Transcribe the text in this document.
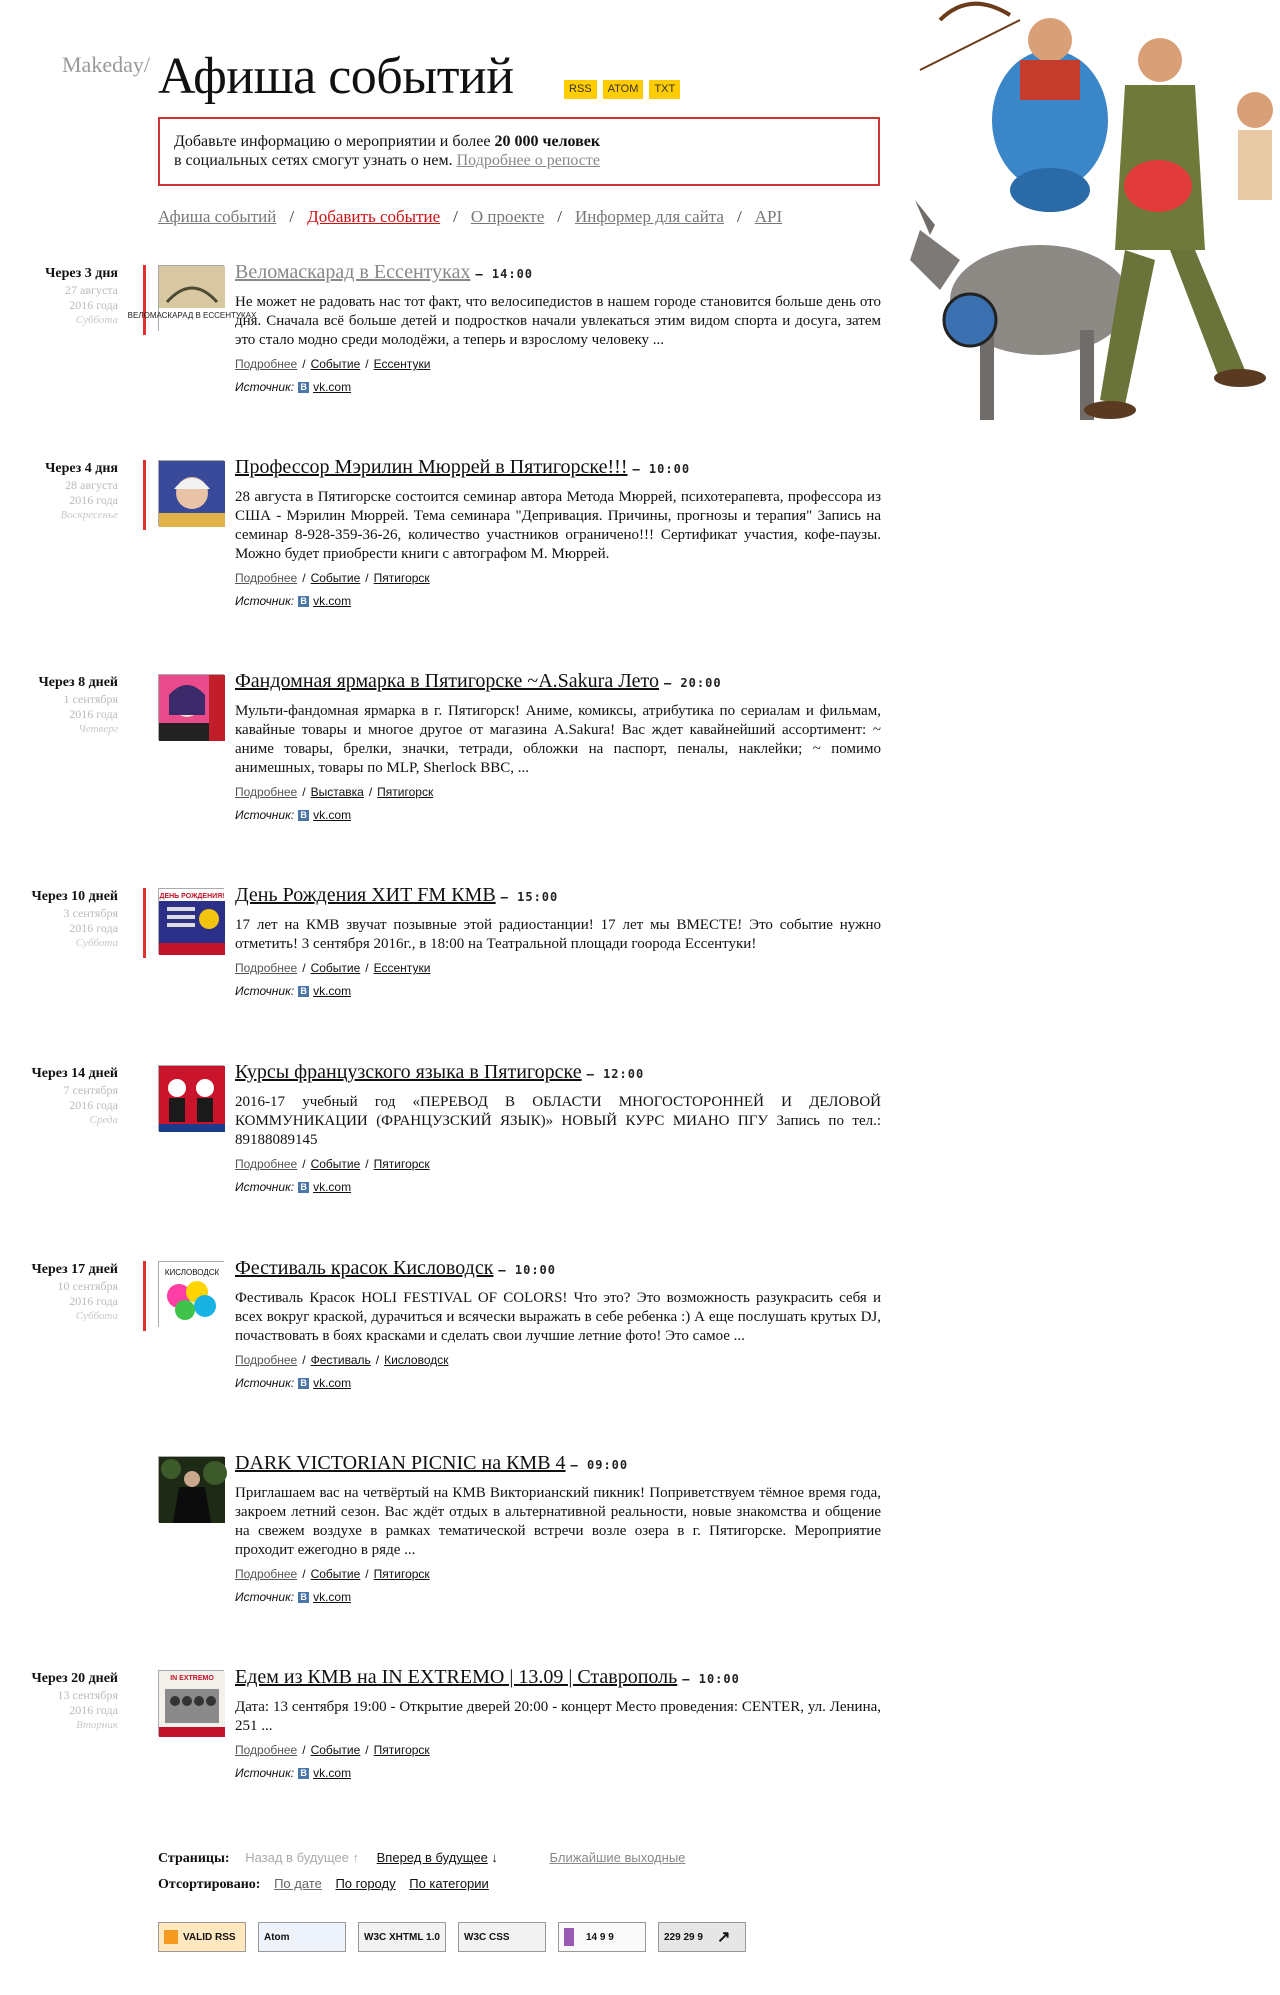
Makeday/ Афиша событий	RSS	ATOM	TXT
Добавьте информацию о мероприятии и более 20 000 человек
в социальных сетях смогут узнать о нем. Подробнее о репосте
Афиша событий / Добавить событие / О проекте / Информер для сайта / API
Через 3 дня
27 августа
2016 года
Суббота ВЕЛОМАСКАРАД В ЕССЕНТУКАХ
Веломаскарад в Ессентуках — 14:00
Не может не радовать нас тот факт, что велосипедистов в нашем городе становится больше день ото дня. Сначала всё больше детей и подростков начали увлекаться этим видом спорта и досуга, затем это стало модно среди молодёжи, а теперь и взрослому человеку ...
Подробнее / Событие / Ессентуки
Источник: В vk.com
Через 4 дня
28 августа
2016 года
Воскресенье
Профессор Мэрилин Мюррей в Пятигорске!!! — 10:00
28 августа в Пятигорске состоится семинар автора Метода Мюррей, психотерапевта, профессора из США - Мэрилин Мюррей. Тема семинара "Депривация. Причины, прогнозы и терапия" Запись на семинар 8-928-359-36-26, количество участников ограничено!!! Сертификат участия, кофе-паузы. Можно будет приобрести книги с автографом М. Мюррей.
Подробнее / Событие / Пятигорск
Источник: В vk.com
Через 8 дней
1 сентября
2016 года
Четверг
Фандомная ярмарка в Пятигорске ~A.Sakura Лето — 20:00
Мульти-фандомная ярмарка в г. Пятигорск! Аниме, комиксы, атрибутика по сериалам и фильмам, кавайные товары и многое другое от магазина A.Sakura! Вас ждет кавайнейший ассортимент: ~ аниме товары, брелки, значки, тетради, обложки на паспорт, пеналы, наклейки; ~ помимо анимешных, товары по MLP, Sherlock BBC, ...
Подробнее / Выставка / Пятигорск
Источник: В vk.com
Через 10 дней
3 сентября
2016 года
Суббота
ДЕНЬ РОЖДЕНИЯ! День Рождения ХИТ FM КМВ — 15:00
17 лет на КМВ звучат позывные этой радиостанции! 17 лет мы ВМЕСТЕ! Это событие нужно отметить! 3 сентября 2016г., в 18:00 на Театральной площади гоорода Ессентуки!
Подробнее / Событие / Ессентуки
Источник: В vk.com
Через 14 дней
7 сентября
2016 года
Среда
Курсы французского языка в Пятигорске — 12:00
2016-17 учебный год «ПЕРЕВОД В ОБЛАСТИ МНОГОСТОРОННЕЙ И ДЕЛОВОЙ КОММУНИКАЦИИ (ФРАНЦУЗСКИЙ ЯЗЫК)» НОВЫЙ КУРС МИАНО ПГУ Запись по тел.: 89188089145
Подробнее / Событие / Пятигорск
Источник: В vk.com
Через 17 дней
10 сентября
2016 года
Суббота
КИСЛОВОДСК Фестиваль красок Кисловодск — 10:00
Фестиваль Красок HOLI FESTIVAL OF COLORS! Что это? Это возможность разукрасить себя и всех вокруг краской, дурачиться и всячески выражать в себе ребенка :) А еще послушать крутых DJ, почаствовать в боях красками и сделать свои лучшие летние фото! Это самое ...
Подробнее / Фестиваль / Кисловодск
Источник: В vk.com
DARK VICTORIAN PICNIC на КМВ 4 — 09:00
Приглашаем вас на четвёртый на КМВ Викторианский пикник! Поприветствуем тёмное время года, закроем летний сезон. Вас ждёт отдых в альтернативной реальности, новые знакомства и общение на свежем воздухе в рамках тематической встречи возле озера в г. Пятигорске. Мероприятие проходит ежегодно в ряде ...
Подробнее / Событие / Пятигорск
Источник: В vk.com
Через 20 дней
13 сентября
2016 года
Вторник
IN EXTREMO Едем из КМВ на IN EXTREMO | 13.09 | Ставрополь — 10:00
Дата: 13 сентября 19:00 - Открытие дверей 20:00 - концерт Место проведения: CENTER, ул. Ленина, 251 ...
Подробнее / Событие / Пятигорск
Источник: В vk.com
Страницы: Назад в будущее ↑ Вперед в будущее ↓	Ближайшие выходные
Отсортировано: По дате По городу По категории
VALID RSS	Atom	W3C XHTML 1.0 W3C CSS	14 9 9	229 29 9 ↗
